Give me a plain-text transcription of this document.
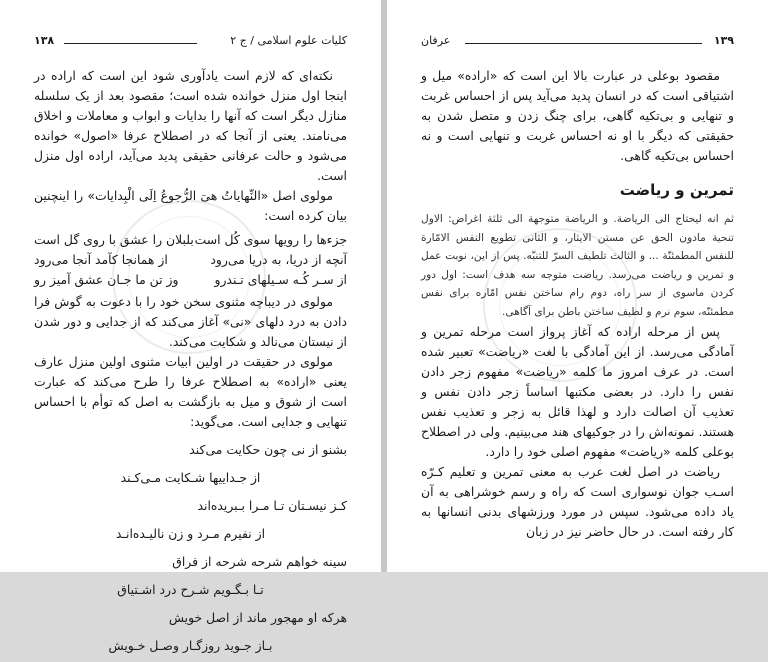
۱۳۸	کلیات علوم اسلامی / ج ۲

نکته‌ای که لازم است یادآوری شود این است که اراده در اینجا اول منزل خوانده شده است؛ مقصود بعد از یک سلسله منازل دیگر است که آنها را بدایات و ابواب و معاملات و اخلاق می‌نامند. یعنی از آنجا که در اصطلاح عرفا «اصول» خوانده می‌شود و حالت عرفانی حقیقی پدید می‌آید، اراده اول منزل است.

مولوی اصل «النِّهایاتُ هیَ الرُّجوعُ اِلَی الْبِدایات» را اینچنین بیان کرده است:

جزءها را رویها سوی کُل است
بلبلان را عشق با روی گل است
آنچه از دریا، به دریا می‌رود
از همانجا کآمد آنجا می‌رود
از سـر کُـه سـیلهای تـندرو
وز تن ما جـان عشق آمیز رو

مولوی در دیباچه مثنوی سخن خود را با دعوت به گوش فرا دادن به درد دلهای «نی» آغاز می‌کند که از جدایی و دور شدن از نیستان می‌نالد و شکایت می‌کند.

مولوی در حقیقت در اولین ابیات مثنوی اولین منزل عارف یعنی «اراده» به اصطلاح عرفا را طرح می‌کند که عبارت است از شوق و میل به بازگشت به اصل که توأم با احساس تنهایی و جدایی است. می‌گوید:

بشنو از نی چون حکایت می‌کند
از جـداییها شـکایت مـی‌کـند
کـز نیسـتان تـا مـرا بـبریده‌اند
از نفیرم مـرد و زن نالیـده‌انـد
سینه خواهم شرحه شرحه از فراق
تـا بـگـویم شـرح درد اشـتیاق
هرکه او مهجور ماند از اصل خویش
بـاز جـوید روزگـار وصـل خـویش
۱۳۹
عرفان

مقصود بوعلی در عبارت بالا این است که «اراده» میل و اشتیاقی است که در انسان پدید می‌آید پس از احساس غربت و تنهایی و بی‌تکیه گاهی، برای چنگ زدن و متصل شدن به حقیقتی که دیگر با او نه احساس غربت و تنهایی است و نه احساس بی‌تکیه گاهی.

تمرین و ریاضت

ثم انه لیحتاج الی الریاضة. و الریاضة متوجهة الی ثلثة اغراض: الاول تنحیة مادون الحق عن مستن الایثار، و الثانی تطویع النفس الامّارة للنفس المطمئنّة ... و الثالث تلطیف السرّ للتنبّه. پس از این، نوبت عمل و تمرین و ریاضت می‌رسد. ریاضت متوجه سه هدف است: اول دور کردن ماسوی از سر راه، دوم رام ساختن نفس امّاره برای نفس مطمئنّه، سوم نرم و لطیف ساختن باطن برای آگاهی.

پس از مرحله اراده که آغاز پرواز است مرحله تمرین و آمادگی می‌رسد. از این آمادگی با لغت «ریاضت» تعبیر شده است. در عرف امروز ما کلمه «ریاضت» مفهوم زجر دادن نفس را دارد. در بعضی مکتبها اساساً زجر دادن نفس و تعذیب آن اصالت دارد و لهذا قائل به زجر و تعذیب نفس هستند. نمونه‌اش را در جوکیهای هند می‌بینیم. ولی در اصطلاح بوعلی کلمه «ریاضت» مفهوم اصلی خود را دارد.

ریاضت در اصل لغت عرب به معنی تمرین و تعلیم کـرّه اسـب جوان نوسواری است که راه و رسم خوشراهی به آن یاد داده می‌شود. سپس در مورد ورزشهای بدنی انسانها به کار رفته است. در حال حاضر نیز در زبان
